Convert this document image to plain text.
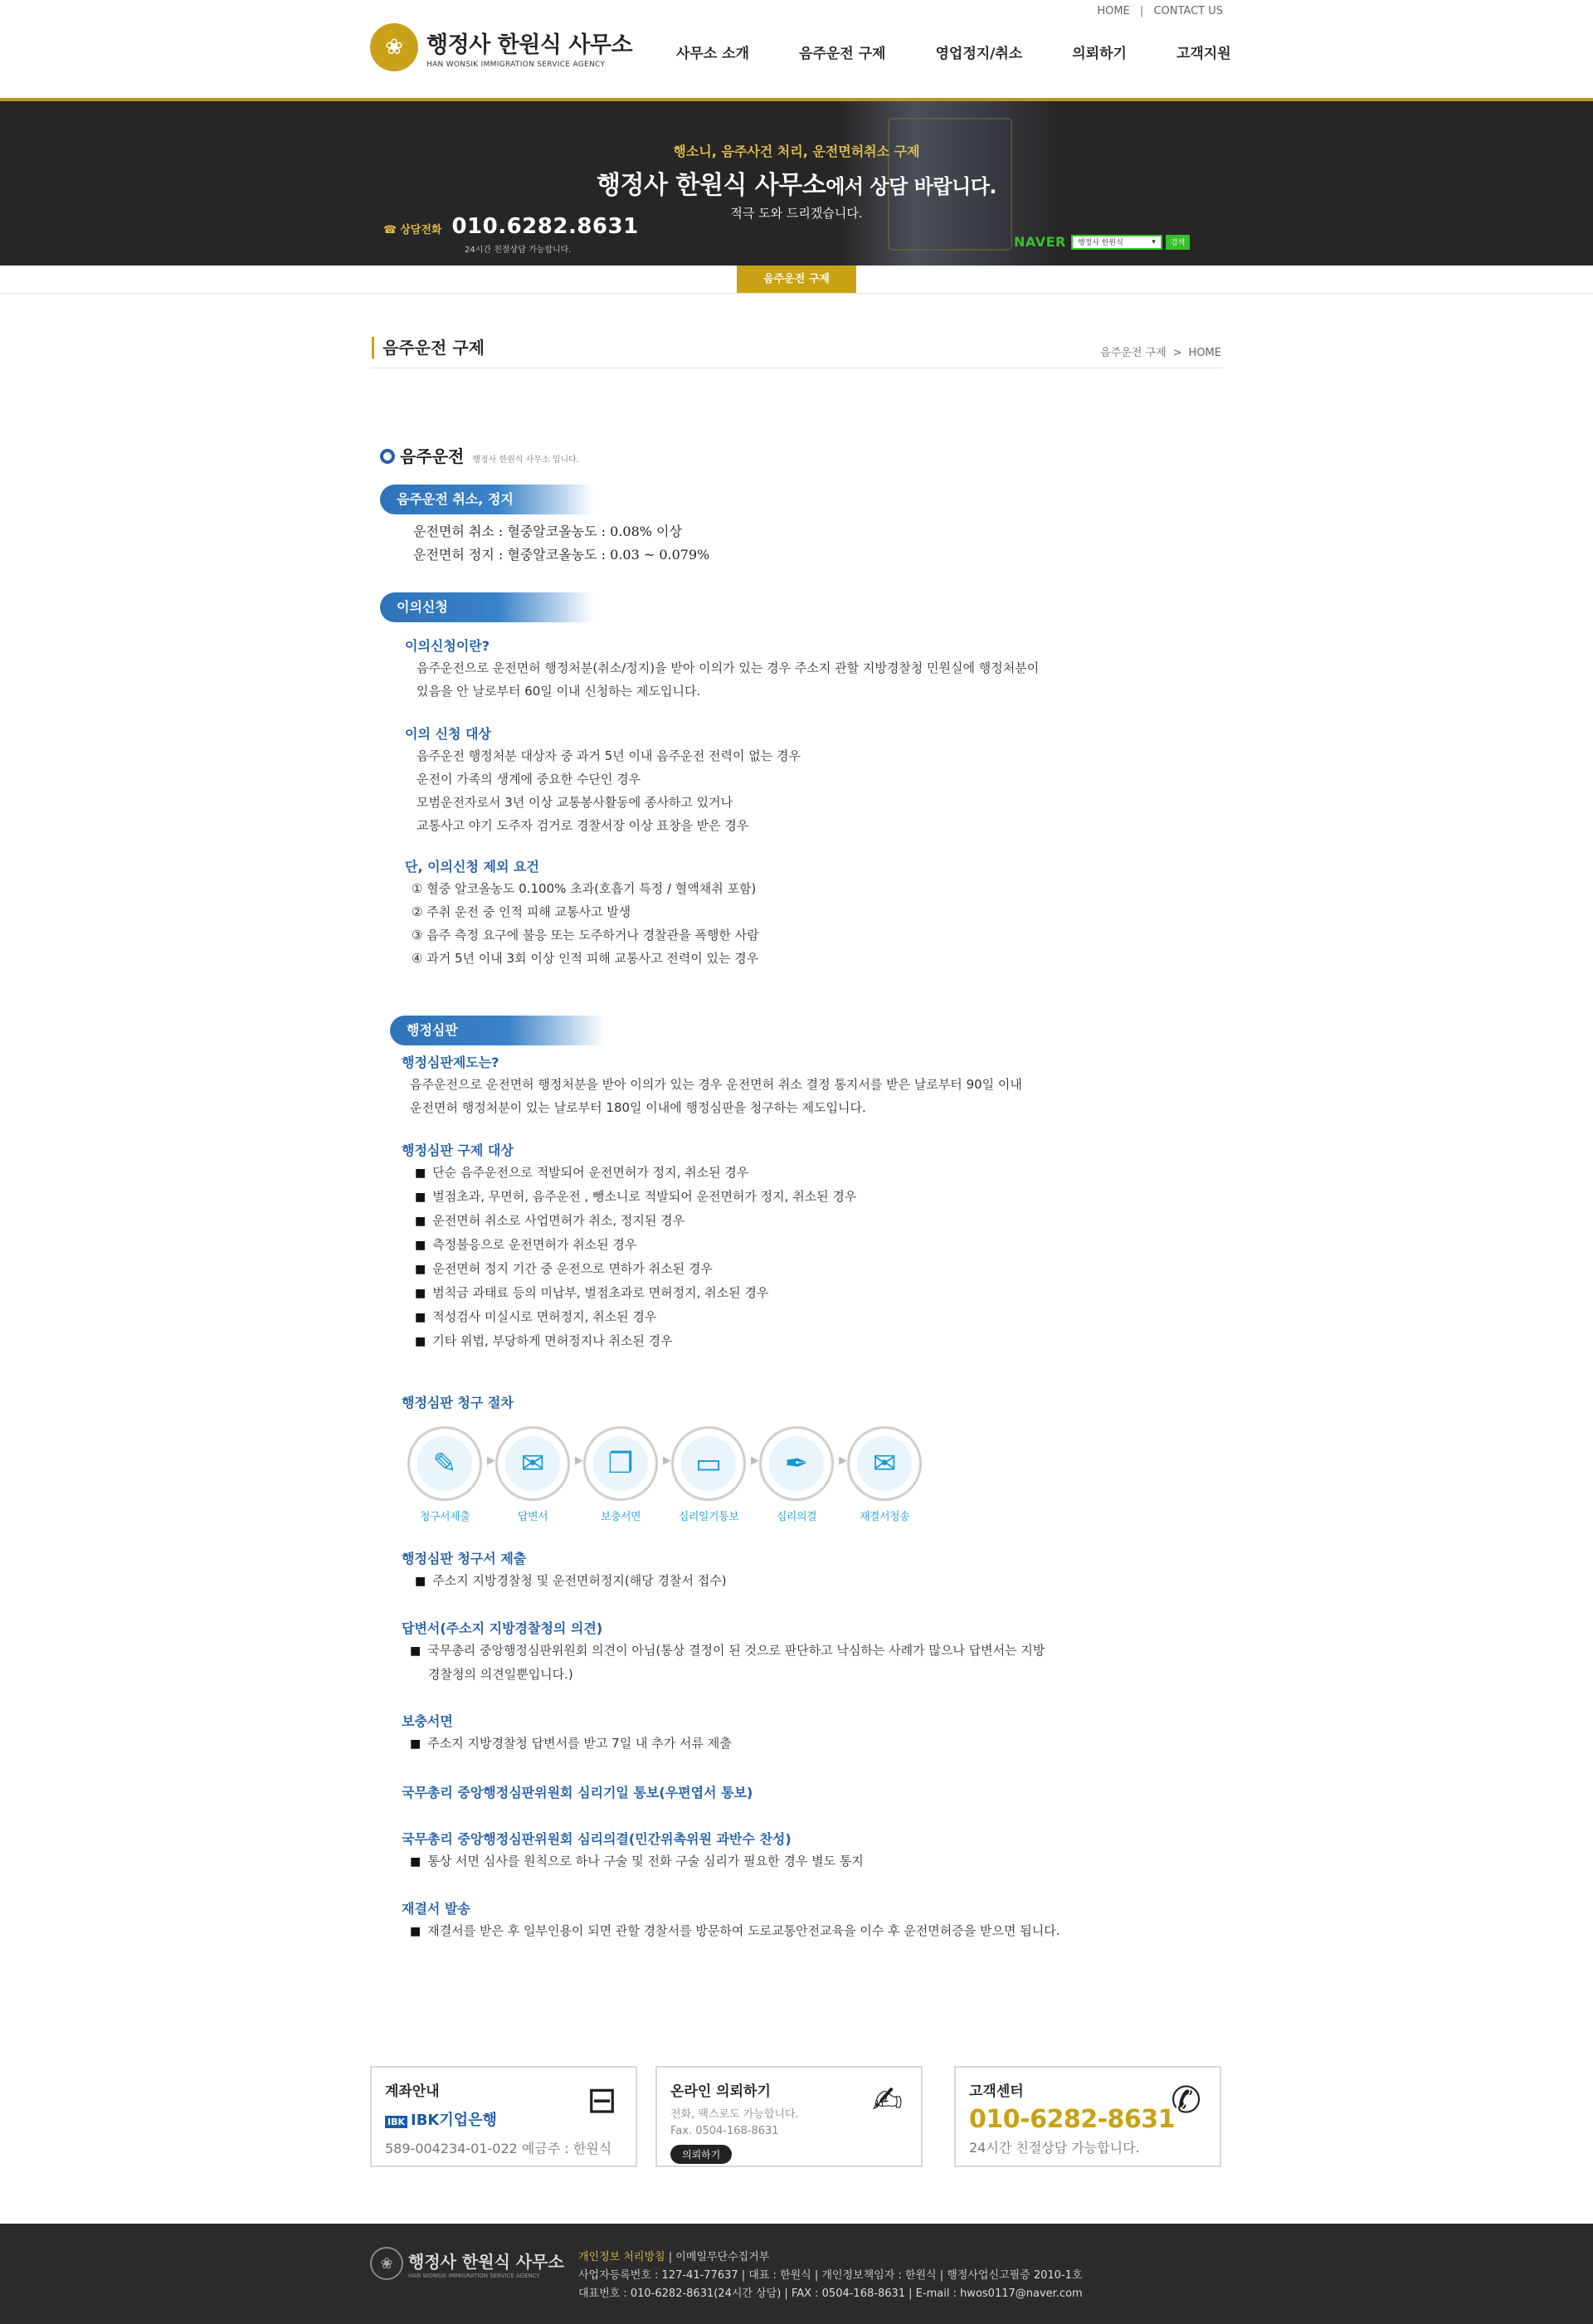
HOME | CONTACT US
❀	행정사 한원식 사무소
HAN WONSIK IMMIGRATION SERVICE AGENCY
사무소 소개	음주운전 구제	영업정지/취소	의뢰하기	고객지원
행소니, 음주사건 처리, 운전면허취소 구제
행정사 한원식 사무소에서 상담 바랍니다.
적극 도와 드리겠습니다.
☎ 상담전화 010.6282.8631
24시간 친절상담 가능합니다.
NAVER 행정사 한원식	▾	검색
음주운전 구제
음주운전 구제	음주운전 구제 > HOME
음주운전 행정사 한원식 사무소 입니다.
음주운전 취소, 정지
운전면허 취소 : 혈중알코올농도 : 0.08% 이상
운전면허 정지 : 혈중알코올농도 : 0.03 ~ 0.079%
이의신청
이의신청이란?
음주운전으로 운전면허 행정처분(취소/정지)을 받아 이의가 있는 경우 주소지 관할 지방경찰청 민원실에 행정처분이
있음을 안 날로부터 60일 이내 신청하는 제도입니다.
이의 신청 대상
음주운전 행정처분 대상자 중 과거 5년 이내 음주운전 전력이 없는 경우
운전이 가족의 생계에 중요한 수단인 경우
모범운전자로서 3년 이상 교통봉사활동에 종사하고 있거나
교통사고 야기 도주자 검거로 경찰서장 이상 표창을 받은 경우
단, 이의신청 제외 요건
① 혈중 알코올농도 0.100% 초과(호흡기 특정 / 혈액채취 포함)
② 주취 운전 중 인적 피해 교통사고 발생
③ 음주 측정 요구에 불응 또는 도주하거나 경찰관을 폭행한 사람
④ 과거 5년 이내 3회 이상 인적 피해 교통사고 전력이 있는 경우
행정심판
행정심판제도는?
음주운전으로 운전면허 행정처분을 받아 이의가 있는 경우 운전면허 취소 결정 통지서를 받은 날로부터 90일 이내
운전면허 행정처분이 있는 날로부터 180일 이내에 행정심판을 청구하는 제도입니다.
행정심판 구제 대상
■ 단순 음주운전으로 적발되어 운전면허가 정지, 취소된 경우
■ 벌점초과, 무면허, 음주운전 , 뺑소니로 적발되어 운전면허가 정지, 취소된 경우
■ 운전면허 취소로 사업면허가 취소, 정지된 경우
■ 측정불응으로 운전면허가 취소된 경우
■ 운전면허 정지 기간 중 운전으로 면하가 취소된 경우
■ 범칙금 과태료 등의 미납부, 벌점초과로 면허정지, 취소된 경우
■ 적성검사 미실시로 면허정지, 취소된 경우
■ 기타 위법, 부당하게 면허정지나 취소된 경우
행정심판 청구 절차
✎
청구서제출
▶ ✉
답변서
▶ ❐
보충서면
▶ ▭
심리일기통보
▶ ✒
심리의결
▶ ✉
재결서청송
행정심판 청구서 제출
■ 주소지 지방경찰청 및 운전면허정지(해당 경찰서 접수)
답변서(주소지 지방경찰청의 의견)
■ 국무총리 중앙행정심판위원회 의견이 아님(통상 결정이 된 것으로 판단하고 낙심하는 사례가 많으나 답변서는 지방
경찰청의 의견일뿐입니다.)
보충서면
■ 주소지 지방경찰청 답변서를 받고 7일 내 추가 서류 제출
국무총리 중앙행정심판위원회 심리기일 통보(우편엽서 통보)
국무총리 중앙행정심판위원회 심리의결(민간위촉위원 과반수 찬성)
■ 통상 서면 심사를 원칙으로 하나 구술 및 전화 구술 심리가 필요한 경우 별도 통지
재결서 발송
■ 재결서를 받은 후 일부인용이 되면 관할 경찰서를 방문하여 도로교통안전교육을 이수 후 운전면허증을 받으면 됩니다.
계좌안내	⊟
IBK IBK기업은행
589-004234-01-022 예금주 : 한원식
온라인 의뢰하기	✍
전화, 팩스로도 가능합니다.
Fax. 0504-168-8631
의뢰하기
고객센터	✆
010-6282-8631
24시간 친절상담 가능합니다.
❀ 행정사 한원식 사무소
HAN WONSIK IMMIGRATION SERVICE AGENCY
개인정보 처리방침 | 이메일무단수집거부
사업자등록번호 : 127-41-77637 | 대표 : 한원식 | 개인정보책임자 : 한원식 | 행정사업신고필증 2010-1호
대표번호 : 010-6282-8631(24시간 상담) | FAX : 0504-168-8631 | E-mail : hwos0117@naver.com
